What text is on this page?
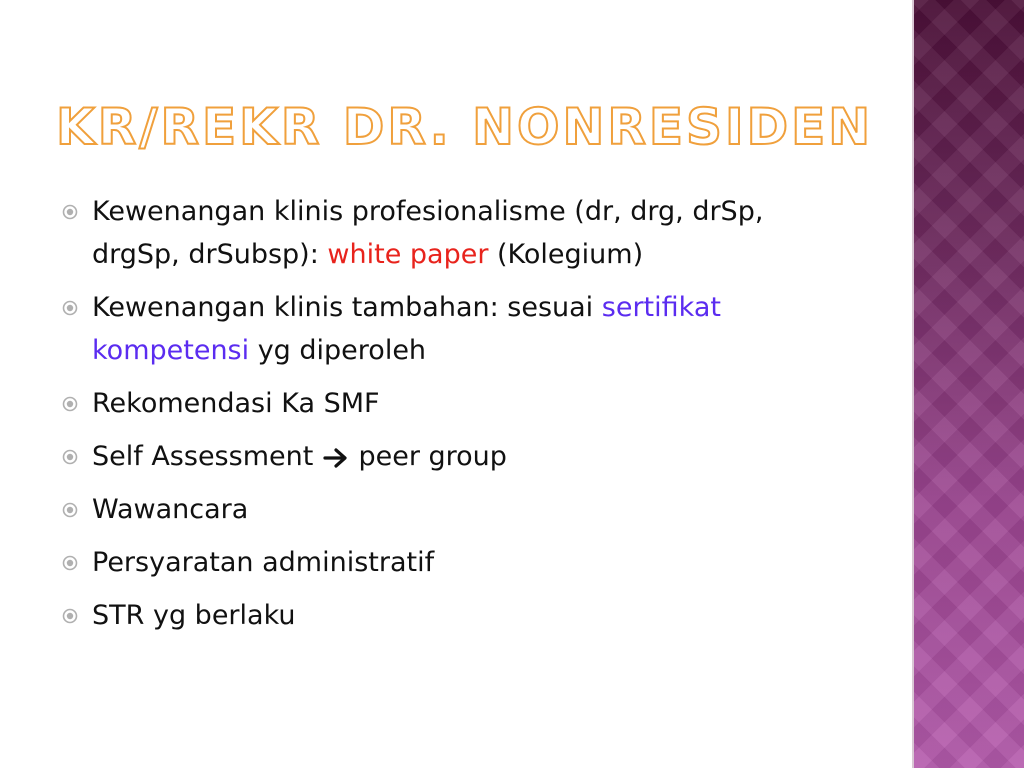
KR/REKR DR. NONRESIDEN
Kewenangan klinis profesionalisme (dr, drg, drSp, drgSp, drSubsp): white paper (Kolegium)
Kewenangan klinis tambahan: sesuai sertifikat kompetensi yg diperoleh
Rekomendasi Ka SMF
Self Assessment  peer group
Wawancara
Persyaratan administratif
STR yg berlaku
